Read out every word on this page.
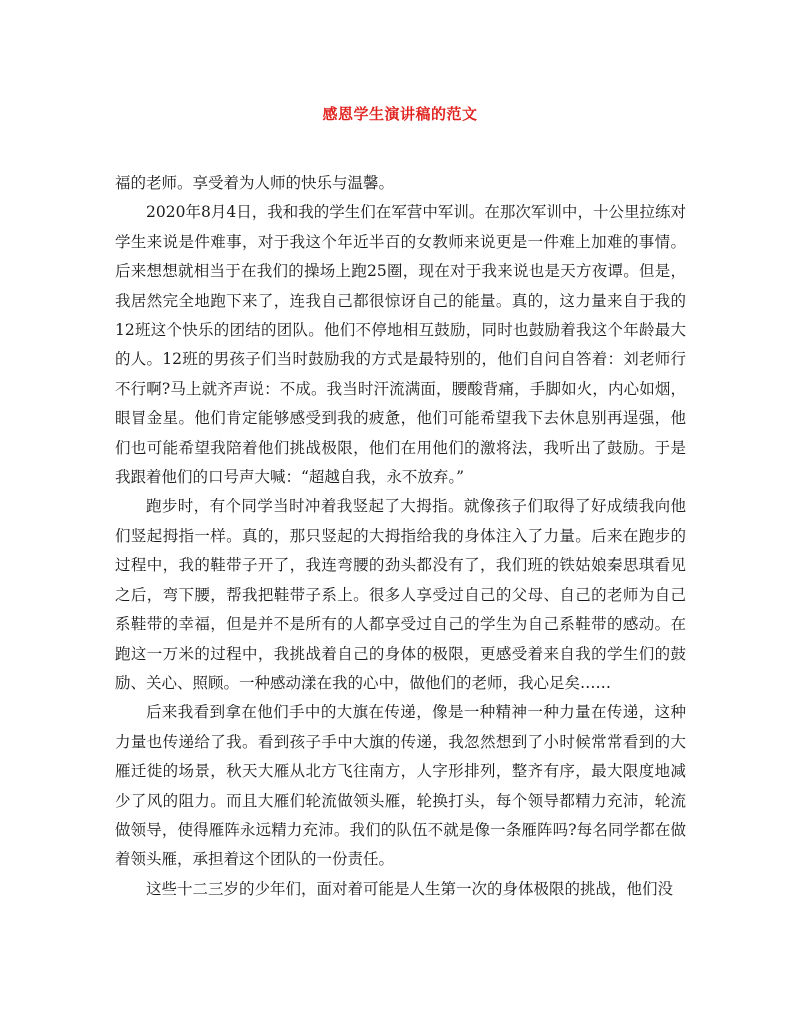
感恩学生演讲稿的范文

福的老师。享受着为人师的快乐与温馨。

2020年8月4日，我和我的学生们在军营中军训。在那次军训中，十公里拉练对学生来说是件难事，对于我这个年近半百的女教师来说更是一件难上加难的事情。后来想想就相当于在我们的操场上跑25圈，现在对于我来说也是天方夜谭。但是，我居然完全地跑下来了，连我自己都很惊讶自己的能量。真的，这力量来自于我的12班这个快乐的团结的团队。他们不停地相互鼓励，同时也鼓励着我这个年龄最大的人。12班的男孩子们当时鼓励我的方式是最特别的，他们自问自答着：刘老师行不行啊?马上就齐声说：不成。我当时汗流满面，腰酸背痛，手脚如火，内心如烟，眼冒金星。他们肯定能够感受到我的疲惫，他们可能希望我下去休息别再逞强，他们也可能希望我陪着他们挑战极限，他们在用他们的激将法，我听出了鼓励。于是我跟着他们的口号声大喊：“超越自我，永不放弃。”

跑步时，有个同学当时冲着我竖起了大拇指。就像孩子们取得了好成绩我向他们竖起拇指一样。真的，那只竖起的大拇指给我的身体注入了力量。后来在跑步的过程中，我的鞋带子开了，我连弯腰的劲头都没有了，我们班的铁姑娘秦思琪看见之后，弯下腰，帮我把鞋带子系上。很多人享受过自己的父母、自己的老师为自己系鞋带的幸福，但是并不是所有的人都享受过自己的学生为自己系鞋带的感动。在跑这一万米的过程中，我挑战着自己的身体的极限，更感受着来自我的学生们的鼓励、关心、照顾。一种感动漾在我的心中，做他们的老师，我心足矣……

后来我看到拿在他们手中的大旗在传递，像是一种精神一种力量在传递，这种力量也传递给了我。看到孩子手中大旗的传递，我忽然想到了小时候常常看到的大雁迁徙的场景，秋天大雁从北方飞往南方，人字形排列，整齐有序，最大限度地减少了风的阻力。而且大雁们轮流做领头雁，轮换打头，每个领导都精力充沛，轮流做领导，使得雁阵永远精力充沛。我们的队伍不就是像一条雁阵吗?每名同学都在做着领头雁，承担着这个团队的一份责任。

这些十二三岁的少年们，面对着可能是人生第一次的身体极限的挑战，他们没
